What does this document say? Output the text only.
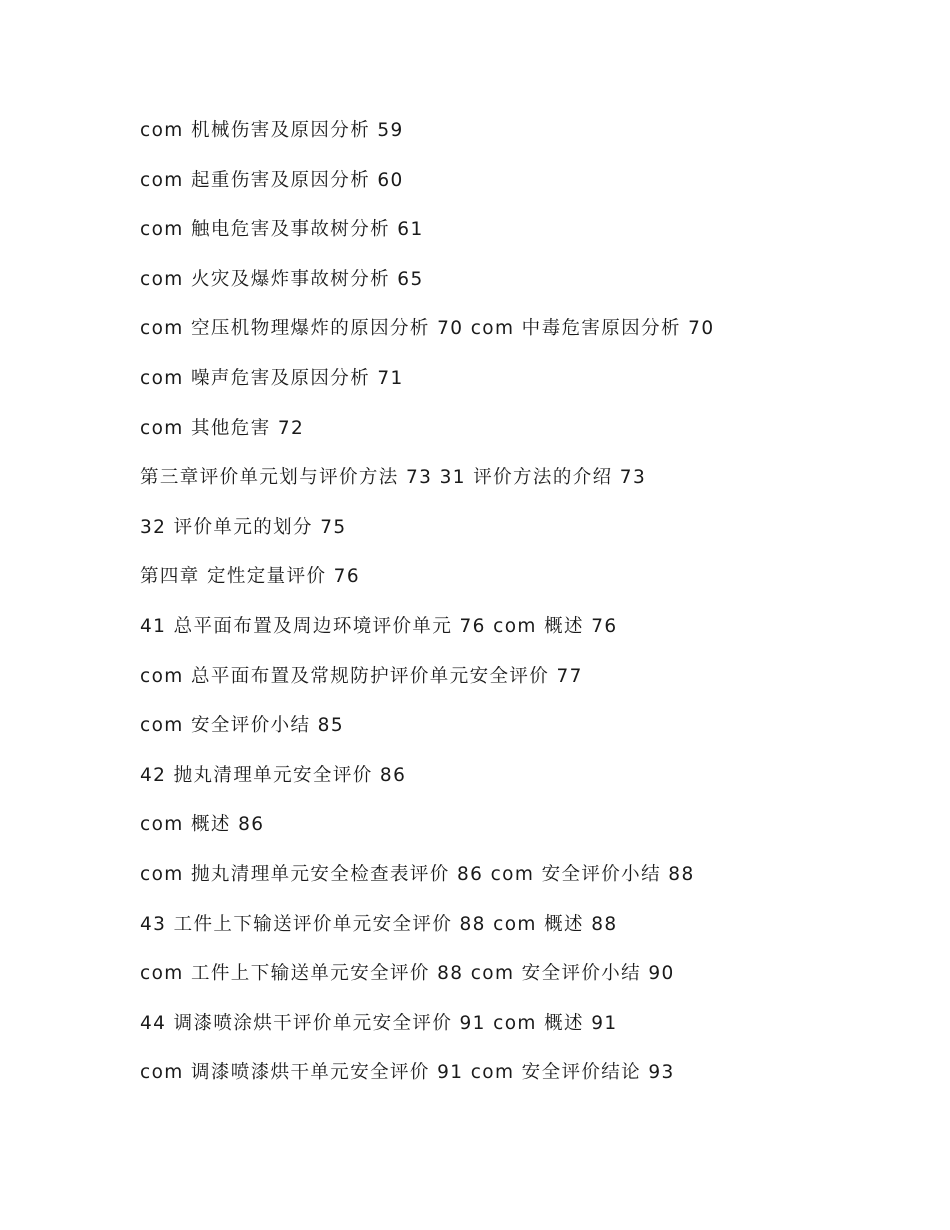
com 机械伤害及原因分析 59
com 起重伤害及原因分析 60
com 触电危害及事故树分析 61
com 火灾及爆炸事故树分析 65
com 空压机物理爆炸的原因分析 70 com 中毒危害原因分析 70
com 噪声危害及原因分析 71
com 其他危害 72
第三章评价单元划与评价方法 73 31 评价方法的介绍 73
32 评价单元的划分 75
第四章 定性定量评价 76
41 总平面布置及周边环境评价单元 76 com 概述 76
com 总平面布置及常规防护评价单元安全评价 77
com 安全评价小结 85
42 抛丸清理单元安全评价 86
com 概述 86
com 抛丸清理单元安全检查表评价 86 com 安全评价小结 88
43 工件上下输送评价单元安全评价 88 com 概述 88
com 工件上下输送单元安全评价 88 com 安全评价小结 90
44 调漆喷涂烘干评价单元安全评价 91 com 概述 91
com 调漆喷漆烘干单元安全评价 91 com 安全评价结论 93
